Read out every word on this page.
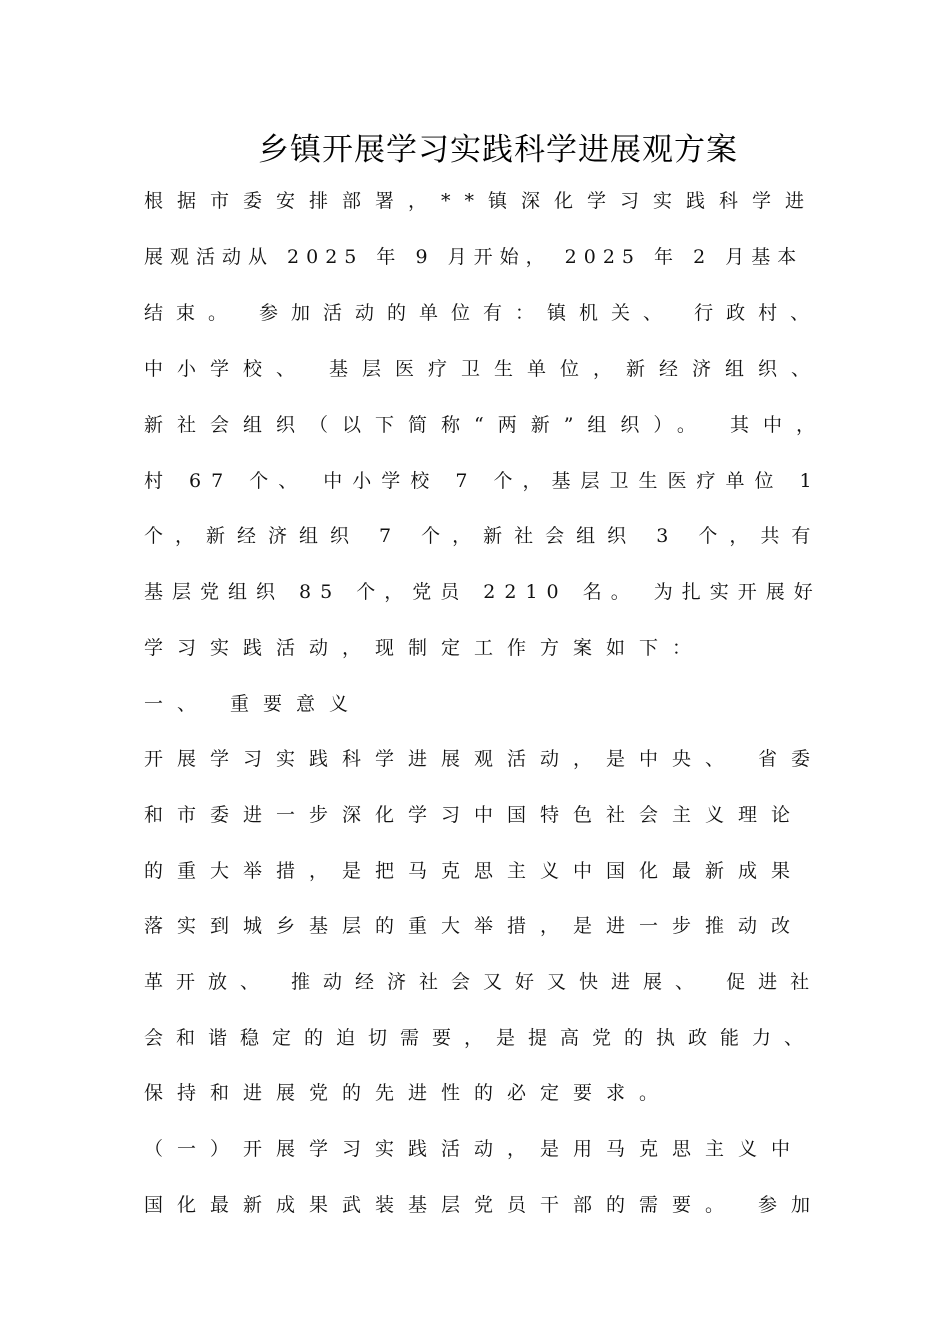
乡镇开展学习实践科学进展观方案
根据市委安排部署，**镇深化学习实践科学进
展观活动从 2025 年 9 月开始， 2025 年 2 月基本
结束。 参加活动的单位有：镇机关、 行政村、
中小学校、 基层医疗卫生单位，新经济组织、
新社会组织（以下简称“两新”组织）。 其中，
村 67 个、 中小学校 7 个，基层卫生医疗单位 1
个，新经济组织 7 个，新社会组织 3 个，共有
基层党组织 85 个，党员 2210 名。 为扎实开展好
学习实践活动，现制定工作方案如下：
一、 重要意义
开展学习实践科学进展观活动，是中央、 省委
和市委进一步深化学习中国特色社会主义理论
的重大举措，是把马克思主义中国化最新成果
落实到城乡基层的重大举措，是进一步推动改
革开放、 推动经济社会又好又快进展、 促进社
会和谐稳定的迫切需要，是提高党的执政能力、
保持和进展党的先进性的必定要求。
（一）开展学习实践活动，是用马克思主义中
国化最新成果武装基层党员干部的需要。 参加
